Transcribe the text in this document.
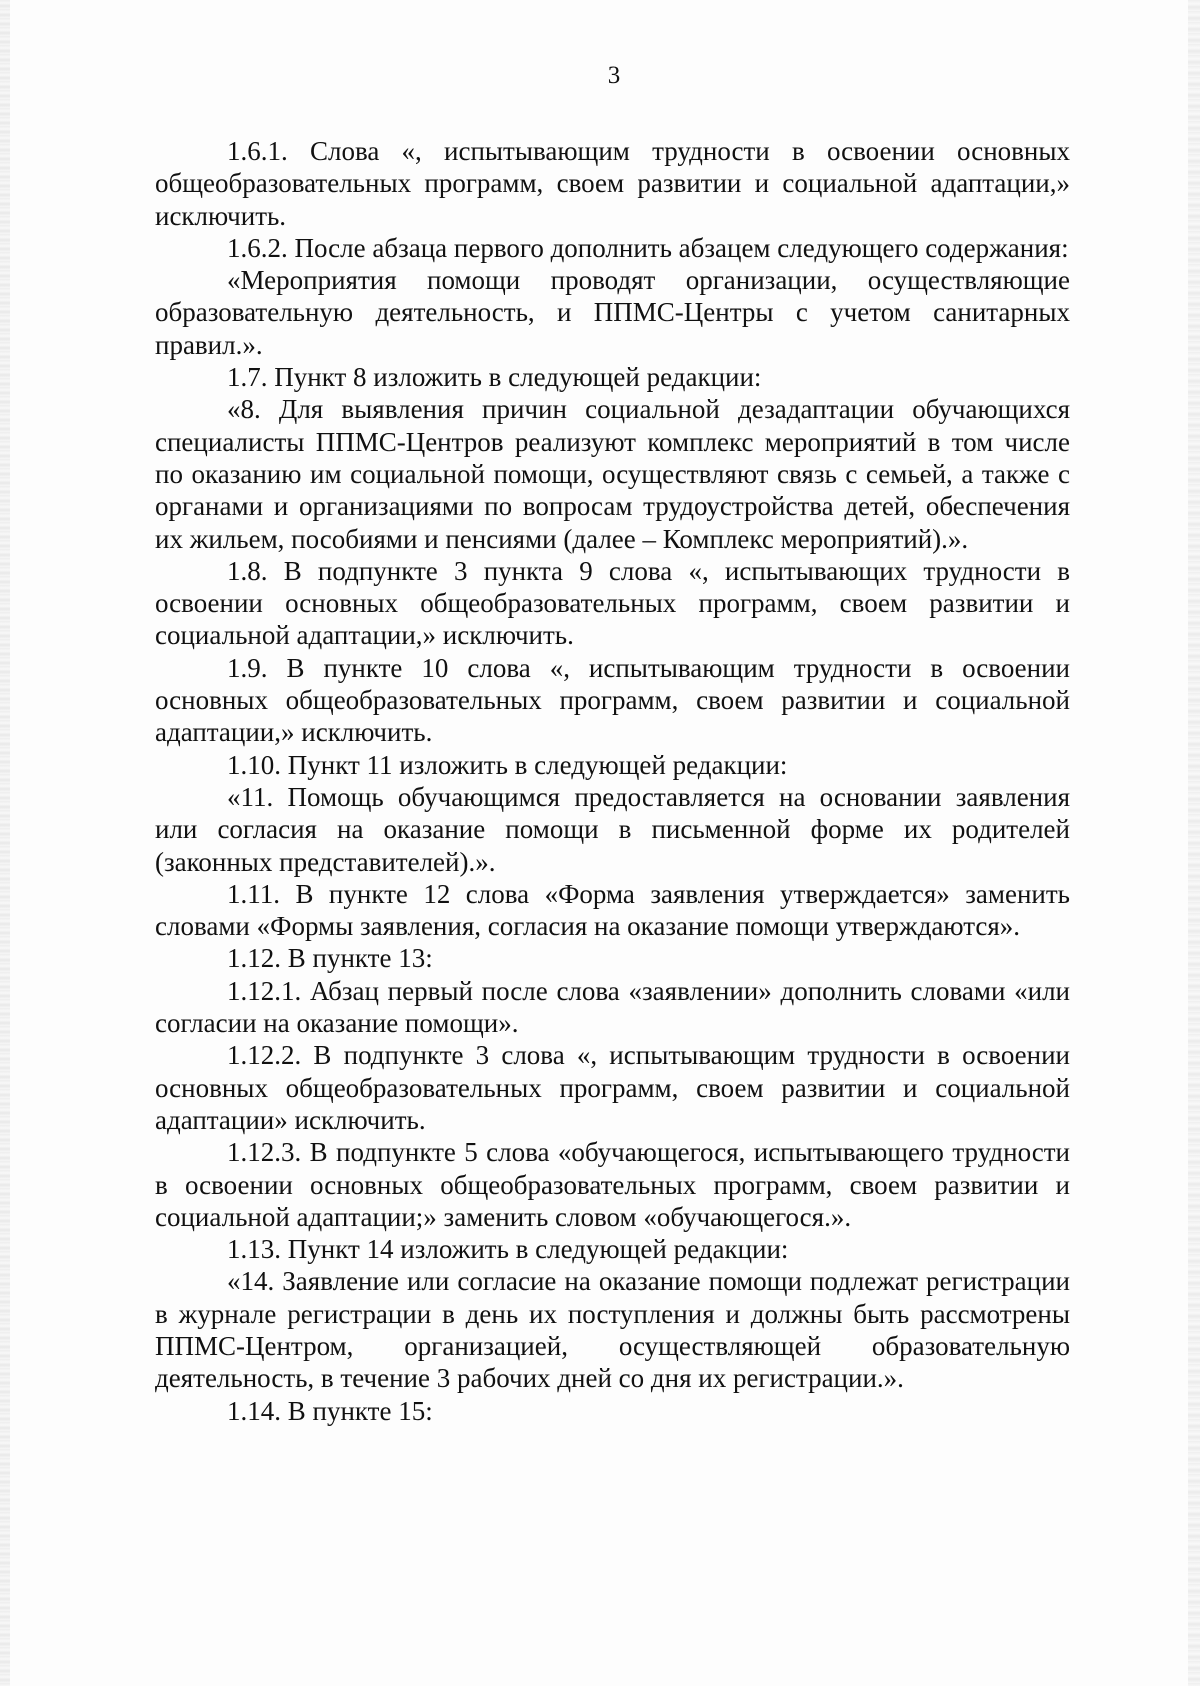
3

1.6.1. Слова «, испытывающим трудности в освоении основных общеобразовательных программ, своем развитии и социальной адаптации,» исключить.

1.6.2. После абзаца первого дополнить абзацем следующего содержания:

«Мероприятия помощи проводят организации, осуществляющие образовательную деятельность, и ППМС-Центры с учетом санитарных правил.».

1.7. Пункт 8 изложить в следующей редакции:

«8. Для выявления причин социальной дезадаптации обучающихся специалисты ППМС-Центров реализуют комплекс мероприятий в том числе по оказанию им социальной помощи, осуществляют связь с семьей, а также с органами и организациями по вопросам трудоустройства детей, обеспечения их жильем, пособиями и пенсиями (далее – Комплекс мероприятий).».

1.8. В подпункте 3 пункта 9 слова «, испытывающих трудности в освоении основных общеобразовательных программ, своем развитии и социальной адаптации,» исключить.

1.9. В пункте 10 слова «, испытывающим трудности в освоении основных общеобразовательных программ, своем развитии и социальной адаптации,» исключить.

1.10. Пункт 11 изложить в следующей редакции:

«11. Помощь обучающимся предоставляется на основании заявления или согласия на оказание помощи в письменной форме их родителей (законных представителей).».

1.11. В пункте 12 слова «Форма заявления утверждается» заменить словами «Формы заявления, согласия на оказание помощи утверждаются».

1.12. В пункте 13:

1.12.1. Абзац первый после слова «заявлении» дополнить словами «или согласии на оказание помощи».

1.12.2. В подпункте 3 слова «, испытывающим трудности в освоении основных общеобразовательных программ, своем развитии и социальной адаптации» исключить.

1.12.3. В подпункте 5 слова «обучающегося, испытывающего трудности в освоении основных общеобразовательных программ, своем развитии и социальной адаптации;» заменить словом «обучающегося.».

1.13. Пункт 14 изложить в следующей редакции:

«14. Заявление или согласие на оказание помощи подлежат регистрации в журнале регистрации в день их поступления и должны быть рассмотрены ППМС-Центром, организацией, осуществляющей образовательную деятельность, в течение 3 рабочих дней со дня их регистрации.».

1.14. В пункте 15:
